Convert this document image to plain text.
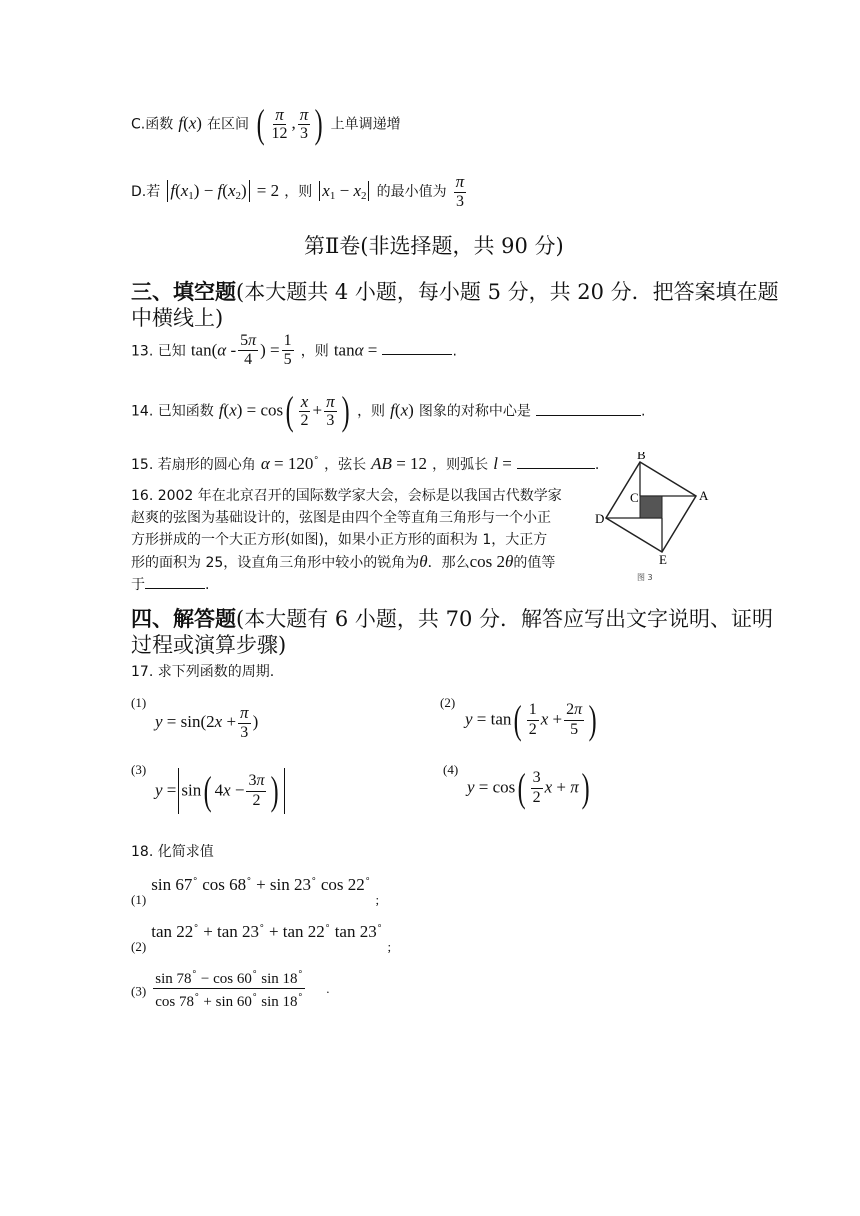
C.函数 f(x) 在区间 ( $\frac{\pi}{12}$ , $\frac{\pi}{3}$ ) 上单调递增
D.若 $f(x_1) - f(x_2) = 2$ ，则 $x_1 - x_2$ 的最小值为 $\frac{\pi}{3}$
第Ⅱ卷(非选择题，共 90 分)
三、填空题(本大题共 4 小题，每小题 5 分，共 20 分．把答案填在题
中横线上)
13. 已知 $\tan(\alpha - \frac{5\pi}{4}$ ) = $\frac{1}{5}$ ，则 tanα =	.
14. 已知函数 $f(x) = \cos( \frac{x}{2} + \frac{\pi}{3}$ ) ，则 f(x) 图象的对称中心是	.
15. 若扇形的圆心角 α = 120∘ ，弦长 AB = 12 ，则弧长 l =	.
16. 2002 年在北京召开的国际数学家大会，会标是以我国古代数学家
赵爽的弦图为基础设计的，弦图是由四个全等直角三角形与一个小正
方形拼成的一个大正方形(如图)，如果小正方形的面积为 1，大正方
形的面积为 25，设直角三角形中较小的锐角为θ．那么cos 2θ的值等
于	.
B
A
C
D
E
图 3
四、解答题(本大题有 6 小题，共 70 分．解答应写出文字说明、证明
过程或演算步骤)
17. 求下列函数的周期.
(1)
$y = \sin(2x + \frac{\pi}{3}$ )
(2)
$y = \tan( \frac{1}{2}$ $x + \frac{2\pi}{5}$ )
(3)
y = sin( $4x - \frac{3\pi}{2}$ )	(4)
$y = \cos( \frac{3}{2}$ x + π)
18. 化简求值
$_{(1)}$ sin 67∘ cos 68∘ + sin 23∘ cos 22∘ $_;$
$_{(2)}$ tan 22∘ + tan 23∘ + tan 22∘ tan 23∘ $_;$
$(3) \frac{\sin 78^\circ - \cos 60^\circ \sin 18^\circ}{\cos 78^\circ + \sin 60^\circ \sin 18^\circ}$ .
